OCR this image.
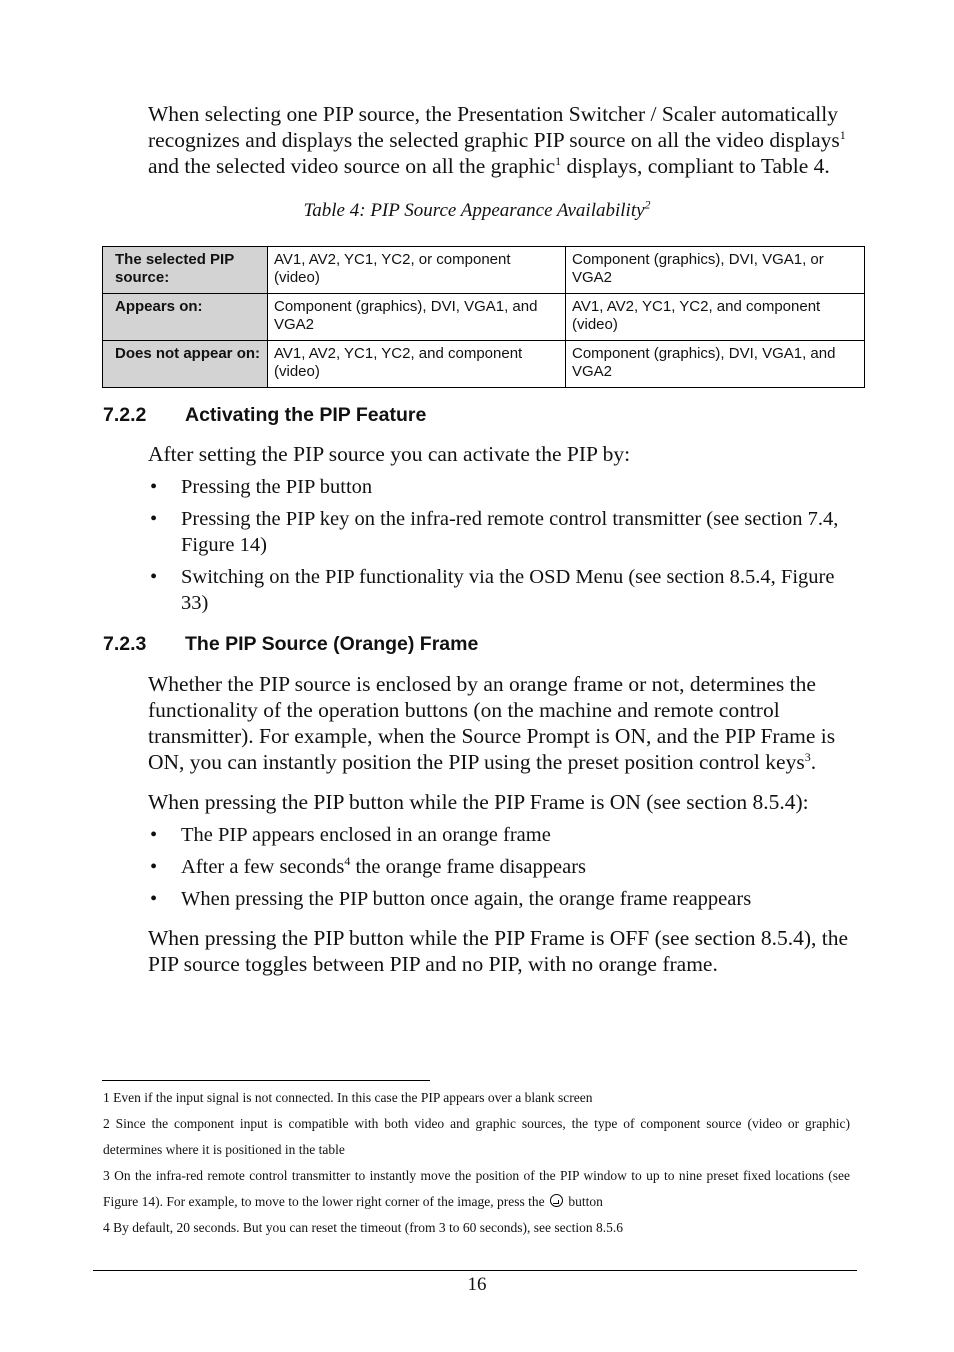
When selecting one PIP source, the Presentation Switcher / Scaler automatically recognizes and displays the selected graphic PIP source on all the video displays$^1$ and the selected video source on all the graphic$^1$ displays, compliant to Table 4.

Table 4: PIP Source Appearance Availability$^2$
The selected PIP source:	AV1, AV2, YC1, YC2, or component (video)	Component (graphics), DVI, VGA1, or VGA2
Appears on:	Component (graphics), DVI, VGA1, and VGA2	AV1, AV2, YC1, YC2, and component (video)
Does not appear on:	AV1, AV2, YC1, YC2, and component (video)	Component (graphics), DVI, VGA1, and VGA2
7.2.2 Activating the PIP Feature

After setting the PIP source you can activate the PIP by:

• Pressing the PIP button
• Pressing the PIP key on the infra-red remote control transmitter (see section 7.4, Figure 14)
• Switching on the PIP functionality via the OSD Menu (see section 8.5.4, Figure 33)
7.2.3 The PIP Source (Orange) Frame

Whether the PIP source is enclosed by an orange frame or not, determines the functionality of the operation buttons (on the machine and remote control transmitter). For example, when the Source Prompt is ON, and the PIP Frame is ON, you can instantly position the PIP using the preset position control keys$^3$.

When pressing the PIP button while the PIP Frame is ON (see section 8.5.4):

• The PIP appears enclosed in an orange frame
• After a few seconds$^4$ the orange frame disappears
• When pressing the PIP button once again, the orange frame reappears

When pressing the PIP button while the PIP Frame is OFF (see section 8.5.4), the PIP source toggles between PIP and no PIP, with no orange frame.

1 Even if the input signal is not connected. In this case the PIP appears over a blank screen

2 Since the component input is compatible with both video and graphic sources, the type of component source (video or graphic) determines where it is positioned in the table

3 On the infra-red remote control transmitter to instantly move the position of the PIP window to up to nine preset fixed locations (see Figure 14). For example, to move to the lower right corner of the image, press the button

4 By default, 20 seconds. But you can reset the timeout (from 3 to 60 seconds), see section 8.5.6

16
